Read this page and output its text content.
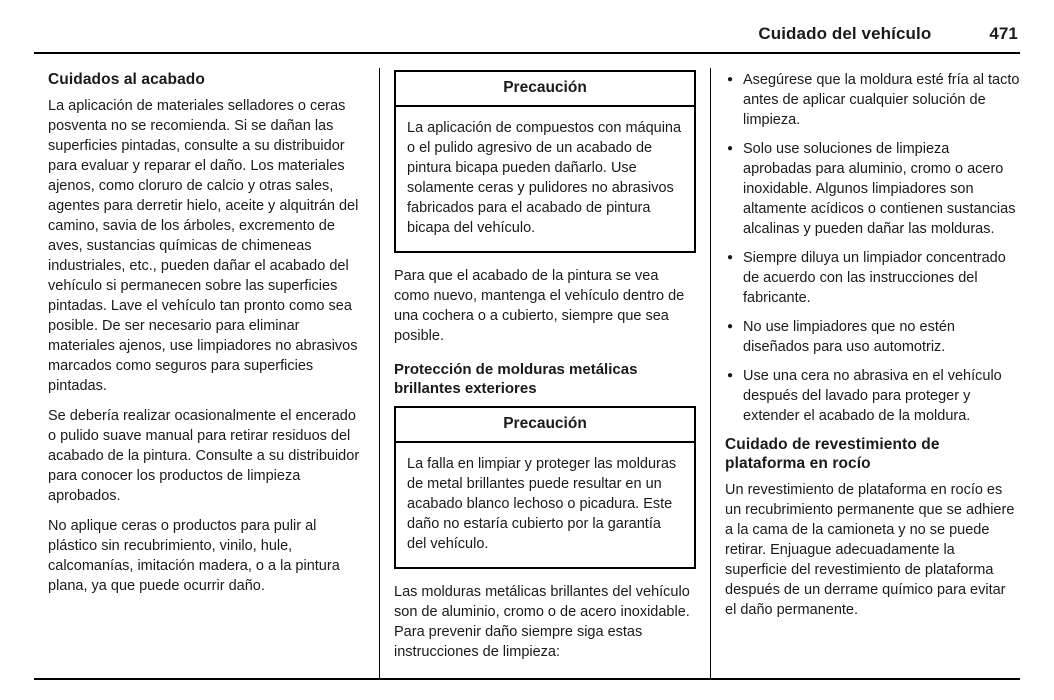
Cuidado del vehículo	471
Cuidados al acabado

La aplicación de materiales selladores o ceras posventa no se recomienda. Si se dañan las superficies pintadas, consulte a su distribuidor para evaluar y reparar el daño. Los materiales ajenos, como cloruro de calcio y otras sales, agentes para derretir hielo, aceite y alquitrán del camino, savia de los árboles, excremento de aves, sustancias químicas de chimeneas industriales, etc., pueden dañar el acabado del vehículo si permanecen sobre las superficies pintadas. Lave el vehículo tan pronto como sea posible. De ser necesario para eliminar materiales ajenos, use limpiadores no abrasivos marcados como seguros para superficies pintadas.

Se debería realizar ocasionalmente el encerado o pulido suave manual para retirar residuos del acabado de la pintura. Consulte a su distribuidor para conocer los productos de limpieza aprobados.

No aplique ceras o productos para pulir al plástico sin recubrimiento, vinilo, hule, calcomanías, imitación madera, o a la pintura plana, ya que puede ocurrir daño.

Precaución
La aplicación de compuestos con máquina o el pulido agresivo de un acabado de pintura bicapa pueden dañarlo. Use solamente ceras y pulidores no abrasivos fabricados para el acabado de pintura bicapa del vehículo.

Para que el acabado de la pintura se vea como nuevo, mantenga el vehículo dentro de una cochera o a cubierto, siempre que sea posible.

Protección de molduras metálicas brillantes exteriores
Precaución
La falla en limpiar y proteger las molduras de metal brillantes puede resultar en un acabado blanco lechoso o picadura. Este daño no estaría cubierto por la garantía del vehículo.

Las molduras metálicas brillantes del vehículo son de aluminio, cromo o de acero inoxidable. Para prevenir daño siempre siga estas instrucciones de limpieza:

● Asegúrese que la moldura esté fría al tacto antes de aplicar cualquier solución de limpieza.
● Solo use soluciones de limpieza aprobadas para aluminio, cromo o acero inoxidable. Algunos limpiadores son altamente acídicos o contienen sustancias alcalinas y pueden dañar las molduras.
● Siempre diluya un limpiador concentrado de acuerdo con las instrucciones del fabricante.
● No use limpiadores que no estén diseñados para uso automotriz.
● Use una cera no abrasiva en el vehículo después del lavado para proteger y extender el acabado de la moldura.
Cuidado de revestimiento de plataforma en rocío

Un revestimiento de plataforma en rocío es un recubrimiento permanente que se adhiere a la cama de la camioneta y no se puede retirar. Enjuague adecuadamente la superficie del revestimiento de plataforma después de un derrame químico para evitar el daño permanente.
